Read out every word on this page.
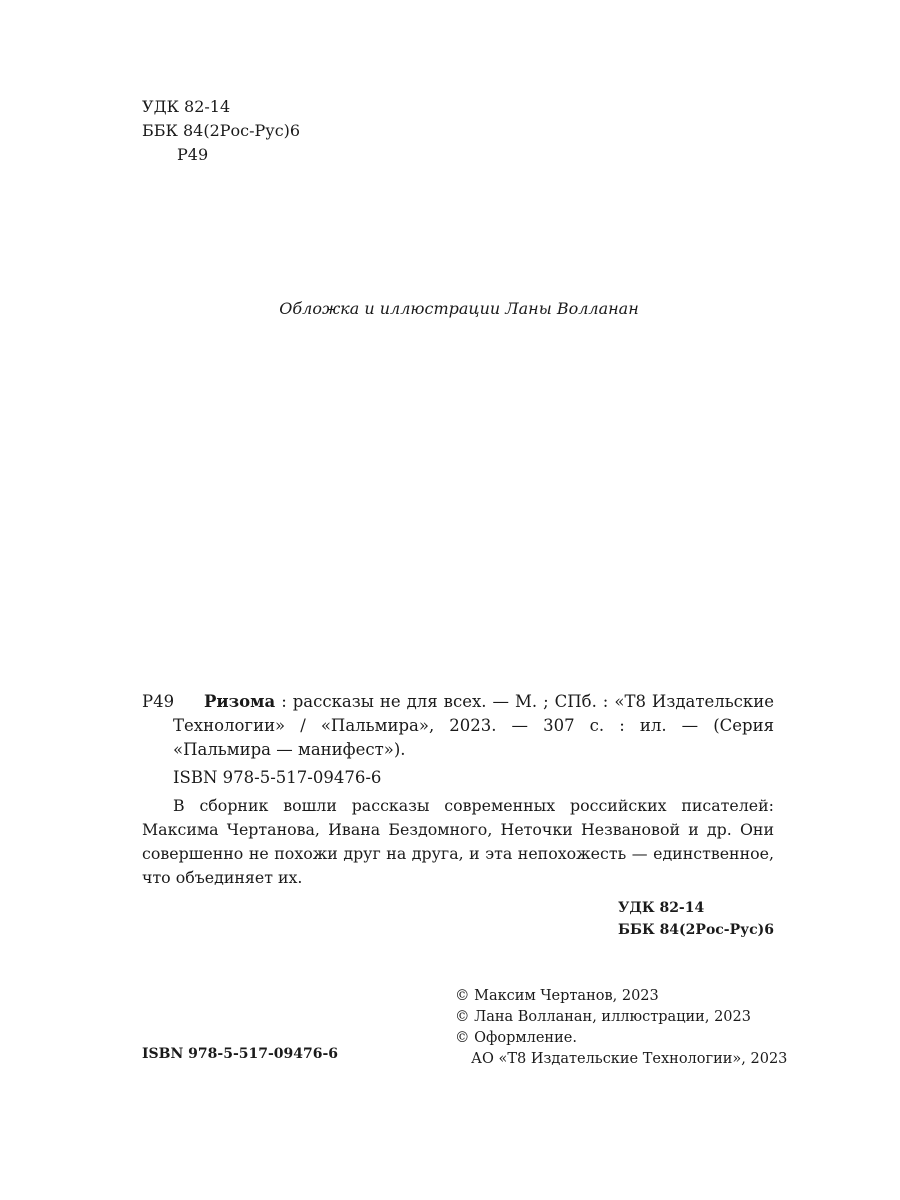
УДК 82-14
ББК 84(2Рос-Рус)6
Р49
Обложка и иллюстрации Ланы Волланан
Р49	Ризома : рассказы не для всех. — М. ; СПб. : «Т8 Издательские Технологии» / «Пальмира», 2023. — 307 с. : ил. — (Серия «Пальмира — манифест»).
ISBN 978-5-517-09476-6
В сборник вошли рассказы современных российских писателей: Максима Чертанова, Ивана Бездомного, Неточки Незвановой и др. Они совершенно не похожи друг на друга, и эта непохожесть — единственное, что объединяет их.
УДК 82-14
ББК 84(2Рос-Рус)6
© Максим Чертанов, 2023
© Лана Волланан, иллюстрации, 2023
© Оформление.
АО «Т8 Издательские Технологии», 2023
ISBN 978-5-517-09476-6
